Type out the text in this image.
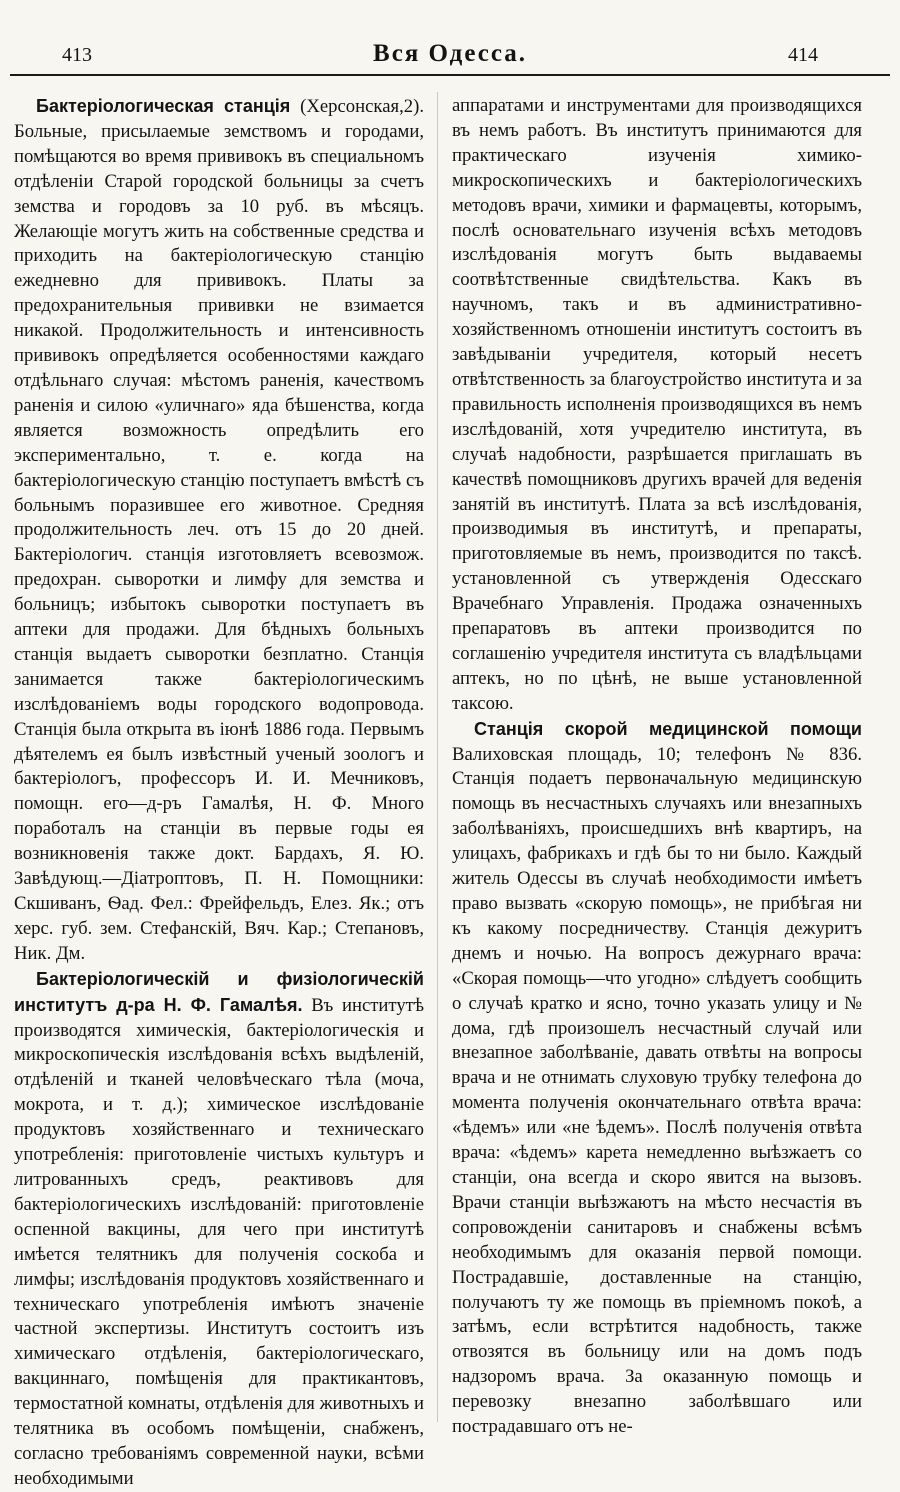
413	Вся Одесса.	414

Бактеріологическая станція (Херсонская,2). Больные, присылаемые земствомъ и городами, помѣщаются во время прививокъ въ специальномъ отдѣленіи Старой городской больницы за счетъ земства и городовъ за 10 руб. въ мѣсяцъ. Желающіе могутъ жить на собственные средства и приходить на бактеріологическую станцію ежедневно для прививокъ. Платы за предохранительныя прививки не взимается никакой. Продолжительность и интенсивность прививокъ опредѣляется особенностями каждаго отдѣльнаго случая: мѣстомъ раненія, качествомъ раненія и силою «уличнаго» яда бѣшенства, когда является возможность опредѣлить его экспериментально, т. е. когда на бактеріологическую станцію поступаетъ вмѣстѣ съ больнымъ поразившее его животное. Средняя продолжительность леч. отъ 15 до 20 дней. Бактеріологич. станція изготовляетъ всевозмож. предохран. сыворотки и лимфу для земства и больницъ; избытокъ сыворотки поступаетъ въ аптеки для продажи. Для бѣдныхъ больныхъ станція выдаетъ сыворотки безплатно. Станція занимается также бактеріологическимъ изслѣдованіемъ воды городского водопровода. Станція была открыта въ іюнѣ 1886 года. Первымъ дѣятелемъ ея былъ извѣстный ученый зоологъ и бактеріологъ, профессоръ И. И. Мечниковъ, помощн. его—д-ръ Гамалѣя, Н. Ф. Много поработалъ на станціи въ первые годы ея возникновенія также докт. Бардахъ, Я. Ю. Завѣдующ.—Діатроптовъ, П. Н. Помощники: Скшиванъ, Ѳад. Фел.: Фрейфельдъ, Елез. Як.; отъ херс. губ. зем. Стефанскій, Вяч. Кар.; Степановъ, Ник. Дм.

Бактеріологическій и физіологическій институтъ д-ра Н. Ф. Гамалѣя. Въ институтѣ производятся химическія, бактеріологическія и микроскопическія изслѣдованія всѣхъ выдѣленій, отдѣленій и тканей человѣческаго тѣла (моча, мокрота, и т. д.); химическое изслѣдованіе продуктовъ хозяйственнаго и техническаго употребленія: приготовленіе чистыхъ культуръ и литрованныхъ средъ, реактивовъ для бактеріологическихъ изслѣдованій: приготовленіе оспенной вакцины, для чего при институтѣ имѣется телятникъ для полученія соскоба и лимфы; изслѣдованія продуктовъ хозяйственнаго и техническаго употребленія имѣютъ значеніе частной экспертизы. Институтъ состоитъ изъ химическаго отдѣленія, бактеріологическаго, вакциннаго, помѣщенія для практикантовъ, термостатной комнаты, отдѣленія для животныхъ и телятника въ особомъ помѣщеніи, снабженъ, согласно требованіямъ современной науки, всѣми необходимыми

аппаратами и инструментами для производящихся въ немъ работъ. Въ институтъ принимаются для практическаго изученія химико-микроскопическихъ и бактеріологическихъ методовъ врачи, химики и фармацевты, которымъ, послѣ основательнаго изученія всѣхъ методовъ изслѣдованія могутъ быть выдаваемы соотвѣтственные свидѣтельства. Какъ въ научномъ, такъ и въ административно-хозяйственномъ отношеніи институтъ состоитъ въ завѣдываніи учредителя, который несетъ отвѣтственность за благоустройство института и за правильность исполненія производящихся въ немъ изслѣдованій, хотя учредителю института, въ случаѣ надобности, разрѣшается приглашать въ качествѣ помощниковъ другихъ врачей для веденія занятій въ институтѣ. Плата за всѣ изслѣдованія, производимыя въ институтѣ, и препараты, приготовляемые въ немъ, производится по таксѣ. установленной съ утвержденія Одесскаго Врачебнаго Управленія. Продажа означенныхъ препаратовъ въ аптеки производится по соглашенію учредителя института съ владѣльцами аптекъ, но по цѣнѣ, не выше установленной таксою.

Станція скорой медицинской помощи Валиховская площадь, 10; телефонъ № 836. Станція подаетъ первоначальную медицинскую помощь въ несчастныхъ случаяхъ или внезапныхъ заболѣваніяхъ, происшедшихъ внѣ квартиръ, на улицахъ, фабрикахъ и гдѣ бы то ни было. Каждый житель Одессы въ случаѣ необходимости имѣетъ право вызвать «скорую помощь», не прибѣгая ни къ какому посредничеству. Станція дежуритъ днемъ и ночью. На вопросъ дежурнаго врача: «Скорая помощь—что угодно» слѣдуетъ сообщить о случаѣ кратко и ясно, точно указать улицу и № дома, гдѣ произошелъ несчастный случай или внезапное заболѣваніе, давать отвѣты на вопросы врача и не отнимать слуховую трубку телефона до момента полученія окончательнаго отвѣта врача: «ѣдемъ» или «не ѣдемъ». Послѣ полученія отвѣта врача: «ѣдемъ» карета немедленно выѣзжаетъ со станціи, она всегда и скоро явится на вызовъ. Врачи станціи выѣзжаютъ на мѣсто несчастія въ сопровожденіи санитаровъ и снабжены всѣмъ необходимымъ для оказанія первой помощи. Пострадавшіе, доставленные на станцію, получаютъ ту же помощь въ пріемномъ покоѣ, а затѣмъ, если встрѣтится надобность, также отвозятся въ больницу или на домъ подъ надзоромъ врача. За оказанную помощь и перевозку внезапно заболѣвшаго или пострадавшаго отъ не-
